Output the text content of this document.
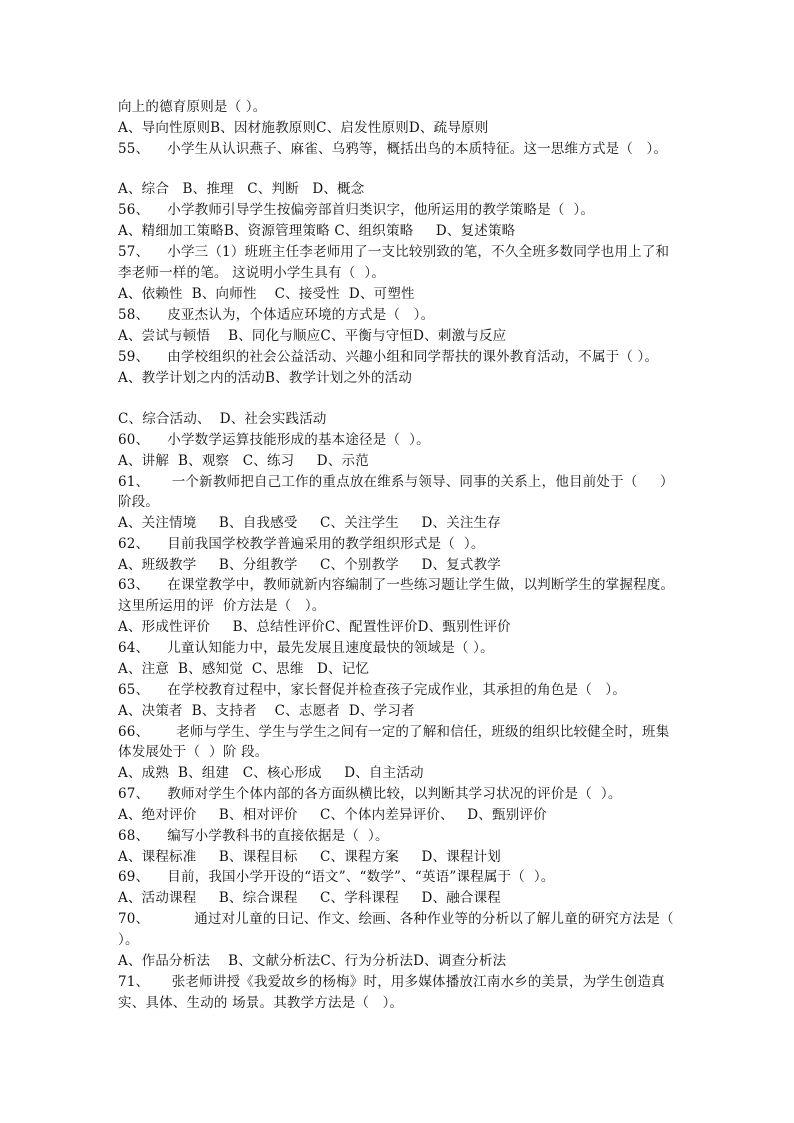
向上的德育原则是（ ）。
A、导向性原则B、因材施教原则C、启发性原则D、疏导原则
55、    小学生从认识燕子、麻雀、乌鸦等，概括出鸟的本质特征。这一思维方式是（   ）。
A、综合   B、推理   C、判断   D、概念
56、    小学教师引导学生按偏旁部首归类识字，他所运用的教学策略是（  ）。
A、精细加工策略B、资源管理策略 C、组织策略     D、复述策略
57、    小学三（1）班班主任李老师用了一支比较别致的笔，不久全班多数同学也用上了和
李老师一样的笔。 这说明小学生具有（  ）。
A、依赖性  B、向师性    C、接受性  D、可塑性
58、    皮亚杰认为，个体适应环境的方式是（   ）。
A、尝试与顿悟    B、同化与顺应C、平衡与守恒D、刺激与反应
59、    由学校组织的社会公益活动、兴趣小组和同学帮扶的课外教育活动，不属于（ ）。
A、教学计划之内的活动B、教学计划之外的活动
C、综合活动、  D、社会实践活动
60、    小学数学运算技能形成的基本途径是（  ）。
A、讲解  B、观察   C、练习     D、示范
61、     一个新教师把自己工作的重点放在维系与领导、同事的关系上，他目前处于（     ）
阶段。
A、关注情境     B、自我感受     C、关注学生     D、关注生存
62、    目前我国学校教学普遍采用的教学组织形式是（  ）。
A、班级教学     B、分组教学     C、个别教学     D、复式教学
63、    在课堂教学中，教师就新内容编制了一些练习题让学生做，以判断学生的掌握程度。
这里所运用的评  价方法是（   ）。
A、形成性评价     B、总结性评价C、配置性评价D、甄别性评价
64、    儿童认知能力中，最先发展且速度最快的领域是（ ）。
A、注意  B、感知觉  C、思维   D、记忆
65、    在学校教育过程中，家长督促并检查孩子完成作业，其承担的角色是（   ）。
A、决策者  B、支持者    C、志愿者  D、学习者
66、      老师与学生、学生与学生之间有一定的了解和信任，班级的组织比较健全时，班集
体发展处于（  ）阶 段。
A、成熟  B、组建   C、核心形成     D、自主活动
67、    教师对学生个体内部的各方面纵横比较，以判断其学习状况的评价是（  ）。
A、绝对评价     B、相对评价     C、个体内差异评价、   D、甄别评价
68、    编写小学教科书的直接依据是（  ）。
A、课程标准     B、课程目标     C、课程方案     D、课程计划
69、    目前，我国小学开设的“语文”、“数学”、“英语”课程属于（  ）。
A、活动课程     B、综合课程     C、学科课程     D、融合课程
70、          通过对儿童的日记、作文、绘画、各种作业等的分析以了解儿童的研究方法是（
）。
A、作品分析法    B、文献分析法C、行为分析法D、调查分析法
71、     张老师讲授《我爱故乡的杨梅》时，用多媒体播放江南水乡的美景，为学生创造真
实、具体、生动的 场景。其教学方法是（   ）。
